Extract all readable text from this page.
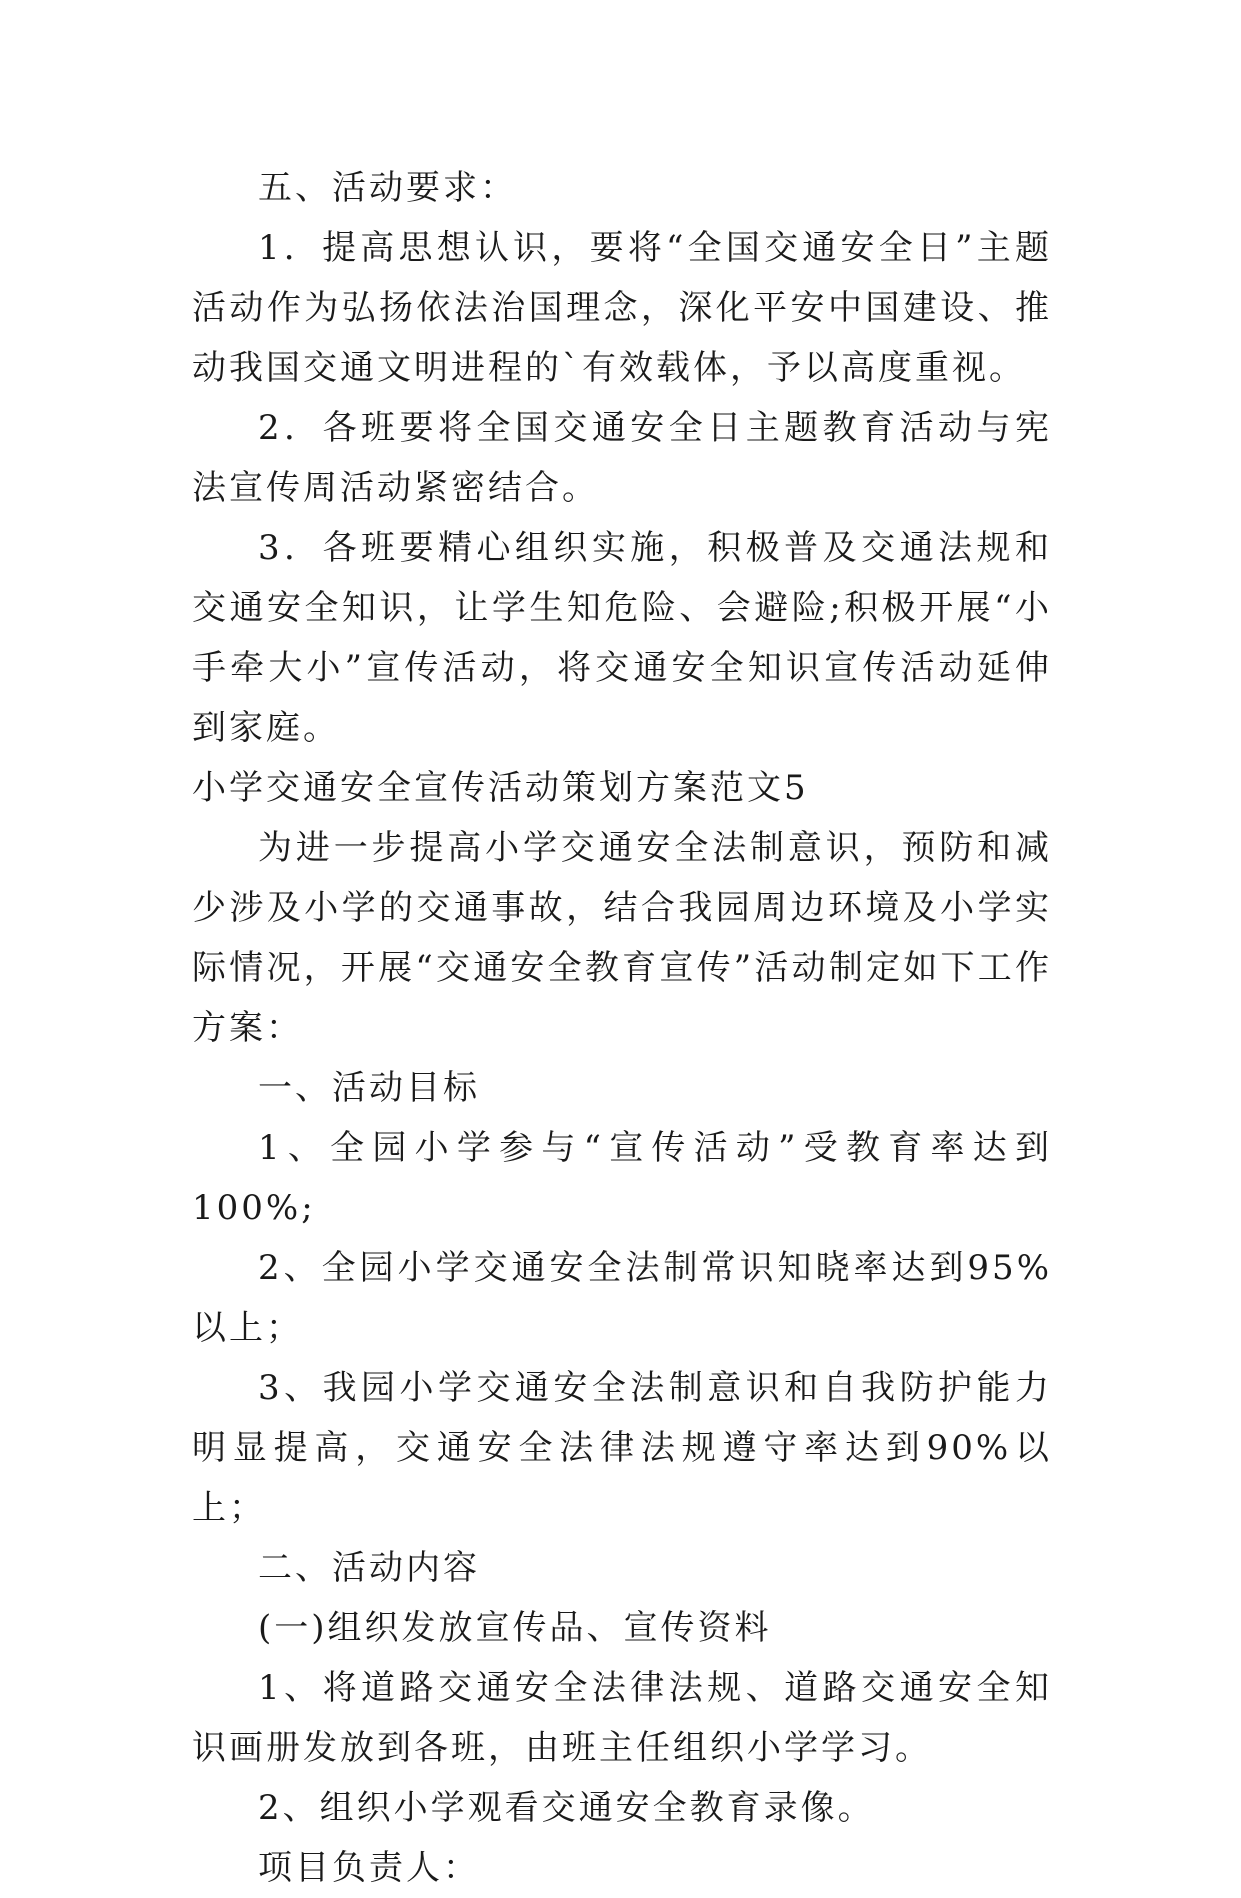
五、活动要求：

1．提高思想认识，要将“全国交通安全日”主题活动作为弘扬依法治国理念，深化平安中国建设、推动我国交通文明进程的`有效载体，予以高度重视。

2．各班要将全国交通安全日主题教育活动与宪法宣传周活动紧密结合。

3．各班要精心组织实施，积极普及交通法规和交通安全知识，让学生知危险、会避险;积极开展“小手牵大小”宣传活动，将交通安全知识宣传活动延伸到家庭。

小学交通安全宣传活动策划方案范文5

为进一步提高小学交通安全法制意识，预防和减少涉及小学的交通事故，结合我园周边环境及小学实际情况，开展“交通安全教育宣传”活动制定如下工作方案：

一、活动目标

1、全园小学参与“宣传活动”受教育率达到100%;

2、全园小学交通安全法制常识知晓率达到95%以上；

3、我园小学交通安全法制意识和自我防护能力明显提高，交通安全法律法规遵守率达到90%以上；

二、活动内容

(一)组织发放宣传品、宣传资料

1、将道路交通安全法律法规、道路交通安全知识画册发放到各班，由班主任组织小学学习。

2、组织小学观看交通安全教育录像。

项目负责人：
